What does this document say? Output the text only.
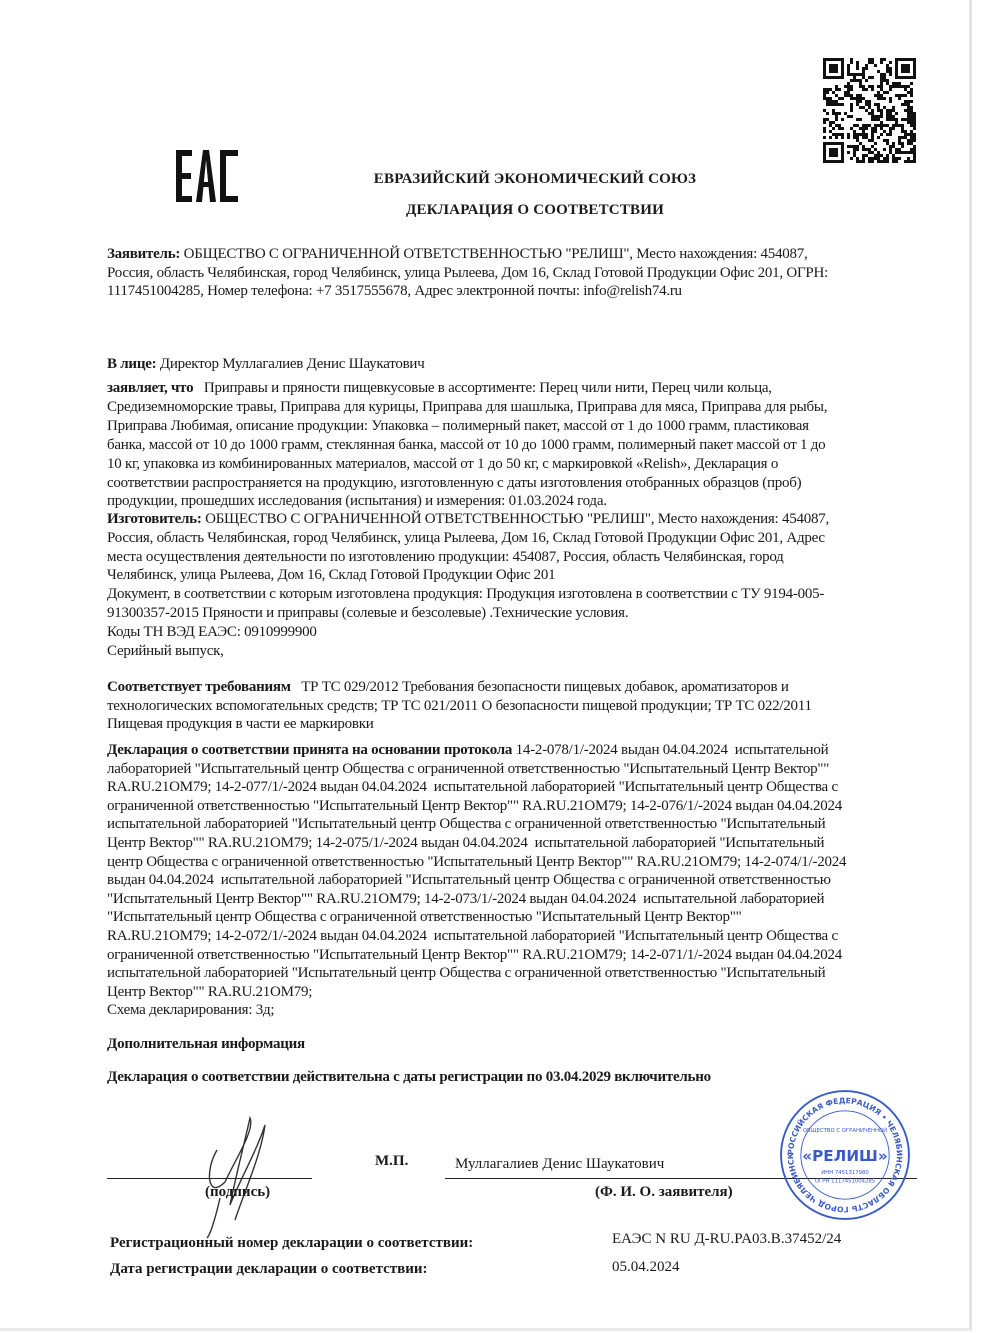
ЕВРАЗИЙСКИЙ ЭКОНОМИЧЕСКИЙ СОЮЗ
ДЕКЛАРАЦИЯ О СООТВЕТСТВИИ
Заявитель: ОБЩЕСТВО С ОГРАНИЧЕННОЙ ОТВЕТСТВЕННОСТЬЮ "РЕЛИШ", Место нахождения: 454087,
Россия, область Челябинская, город Челябинск, улица Рылеева, Дом 16, Склад Готовой Продукции Офис 201, ОГРН:
1117451004285, Номер телефона: +7 3517555678, Адрес электронной почты: info@relish74.ru
В лице: Директор Муллагалиев Денис Шаукатович
заявляет, что   Приправы и пряности пищевкусовые в ассортименте: Перец чили нити, Перец чили кольца,
Средиземноморские травы, Приправа для курицы, Приправа для шашлыка, Приправа для мяса, Приправа для рыбы,
Приправа Любимая, описание продукции: Упаковка – полимерный пакет, массой от 1 до 1000 грамм, пластиковая
банка, массой от 10 до 1000 грамм, стеклянная банка, массой от 10 до 1000 грамм, полимерный пакет массой от 1 до
10 кг, упаковка из комбинированных материалов, массой от 1 до 50 кг, с маркировкой «Relish», Декларация о
соответствии распространяется на продукцию, изготовленную с даты изготовления отобранных образцов (проб)
продукции, прошедших исследования (испытания) и измерения: 01.03.2024 года.
Изготовитель: ОБЩЕСТВО С ОГРАНИЧЕННОЙ ОТВЕТСТВЕННОСТЬЮ "РЕЛИШ", Место нахождения: 454087,
Россия, область Челябинская, город Челябинск, улица Рылеева, Дом 16, Склад Готовой Продукции Офис 201, Адрес
места осуществления деятельности по изготовлению продукции: 454087, Россия, область Челябинская, город
Челябинск, улица Рылеева, Дом 16, Склад Готовой Продукции Офис 201
Документ, в соответствии с которым изготовлена продукция: Продукция изготовлена в соответствии с ТУ 9194-005-
91300357-2015 Пряности и приправы (солевые и безсолевые) .Технические условия.
Коды ТН ВЭД ЕАЭС: 0910999900
Серийный выпуск,
Соответствует требованиям   ТР ТС 029/2012 Требования безопасности пищевых добавок, ароматизаторов и
технологических вспомогательных средств; ТР ТС 021/2011 О безопасности пищевой продукции; ТР ТС 022/2011
Пищевая продукция в части ее маркировки
Декларация о соответствии принята на основании протокола 14-2-078/1/-2024 выдан 04.04.2024  испытательной
лабораторией "Испытательный центр Общества с ограниченной ответственностью "Испытательный Центр Вектор""
RA.RU.21OM79; 14-2-077/1/-2024 выдан 04.04.2024  испытательной лабораторией "Испытательный центр Общества с
ограниченной ответственностью "Испытательный Центр Вектор"" RA.RU.21OM79; 14-2-076/1/-2024 выдан 04.04.2024
испытательной лабораторией "Испытательный центр Общества с ограниченной ответственностью "Испытательный
Центр Вектор"" RA.RU.21OM79; 14-2-075/1/-2024 выдан 04.04.2024  испытательной лабораторией "Испытательный
центр Общества с ограниченной ответственностью "Испытательный Центр Вектор"" RA.RU.21OM79; 14-2-074/1/-2024
выдан 04.04.2024  испытательной лабораторией "Испытательный центр Общества с ограниченной ответственностью
"Испытательный Центр Вектор"" RA.RU.21OM79; 14-2-073/1/-2024 выдан 04.04.2024  испытательной лабораторией
"Испытательный центр Общества с ограниченной ответственностью "Испытательный Центр Вектор""
RA.RU.21OM79; 14-2-072/1/-2024 выдан 04.04.2024  испытательной лабораторией "Испытательный центр Общества с
ограниченной ответственностью "Испытательный Центр Вектор"" RA.RU.21OM79; 14-2-071/1/-2024 выдан 04.04.2024
испытательной лабораторией "Испытательный центр Общества с ограниченной ответственностью "Испытательный
Центр Вектор"" RA.RU.21OM79;
Схема декларирования: 3д;
Дополнительная информация
Декларация о соответствии действительна с даты регистрации по 03.04.2029 включительно
М.П.	Муллагалиев Денис Шаукатович
(подпись)	(Ф. И. О. заявителя)
РОССИЙСКАЯ ФЕДЕРАЦИЯ • ЧЕЛЯБИНСКАЯ ОБЛАСТЬ ГОРОД ЧЕЛЯБИНСК
ОБЩЕСТВО С ОГРАНИЧЕННОЙ
«РЕЛИШ»
ИНН 7451317980
ОГРН 1117451004285
Регистрационный номер декларации о соответствии:	ЕАЭС N RU Д-RU.PA03.B.37452/24
Дата регистрации декларации о соответствии:	05.04.2024
